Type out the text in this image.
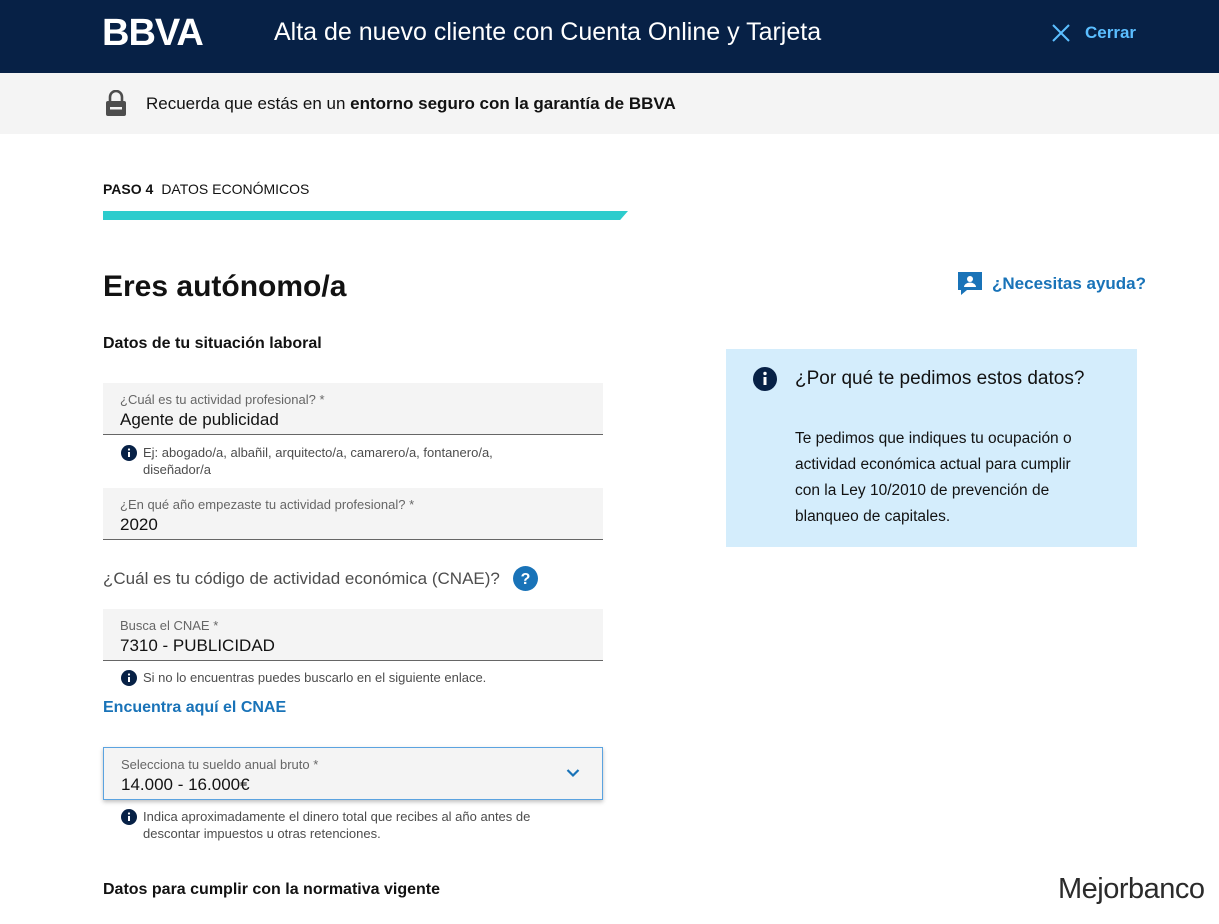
BBVA	Alta de nuevo cliente con Cuenta Online y Tarjeta	Cerrar
Recuerda que estás en un entorno seguro con la garantía de BBVA
PASO 4 DATOS ECONÓMICOS
Eres autónomo/a	¿Necesitas ayuda?
Datos de tu situación laboral
¿Cuál es tu actividad profesional? *
Agente de publicidad
Ej: abogado/a, albañil, arquitecto/a, camarero/a, fontanero/a, diseñador/a
¿En qué año empezaste tu actividad profesional? *
2020
¿Cuál es tu código de actividad económica (CNAE)? ?
Busca el CNAE *
7310 - PUBLICIDAD
Si no lo encuentras puedes buscarlo en el siguiente enlace.
Encuentra aquí el CNAE
Selecciona tu sueldo anual bruto *
14.000 - 16.000€
Indica aproximadamente el dinero total que recibes al año antes de descontar impuestos u otras retenciones.
Datos para cumplir con la normativa vigente
¿Por qué te pedimos estos datos?
Te pedimos que indiques tu ocupación o actividad económica actual para cumplir con la Ley 10/2010 de prevención de blanqueo de capitales.
Mejorbanco
